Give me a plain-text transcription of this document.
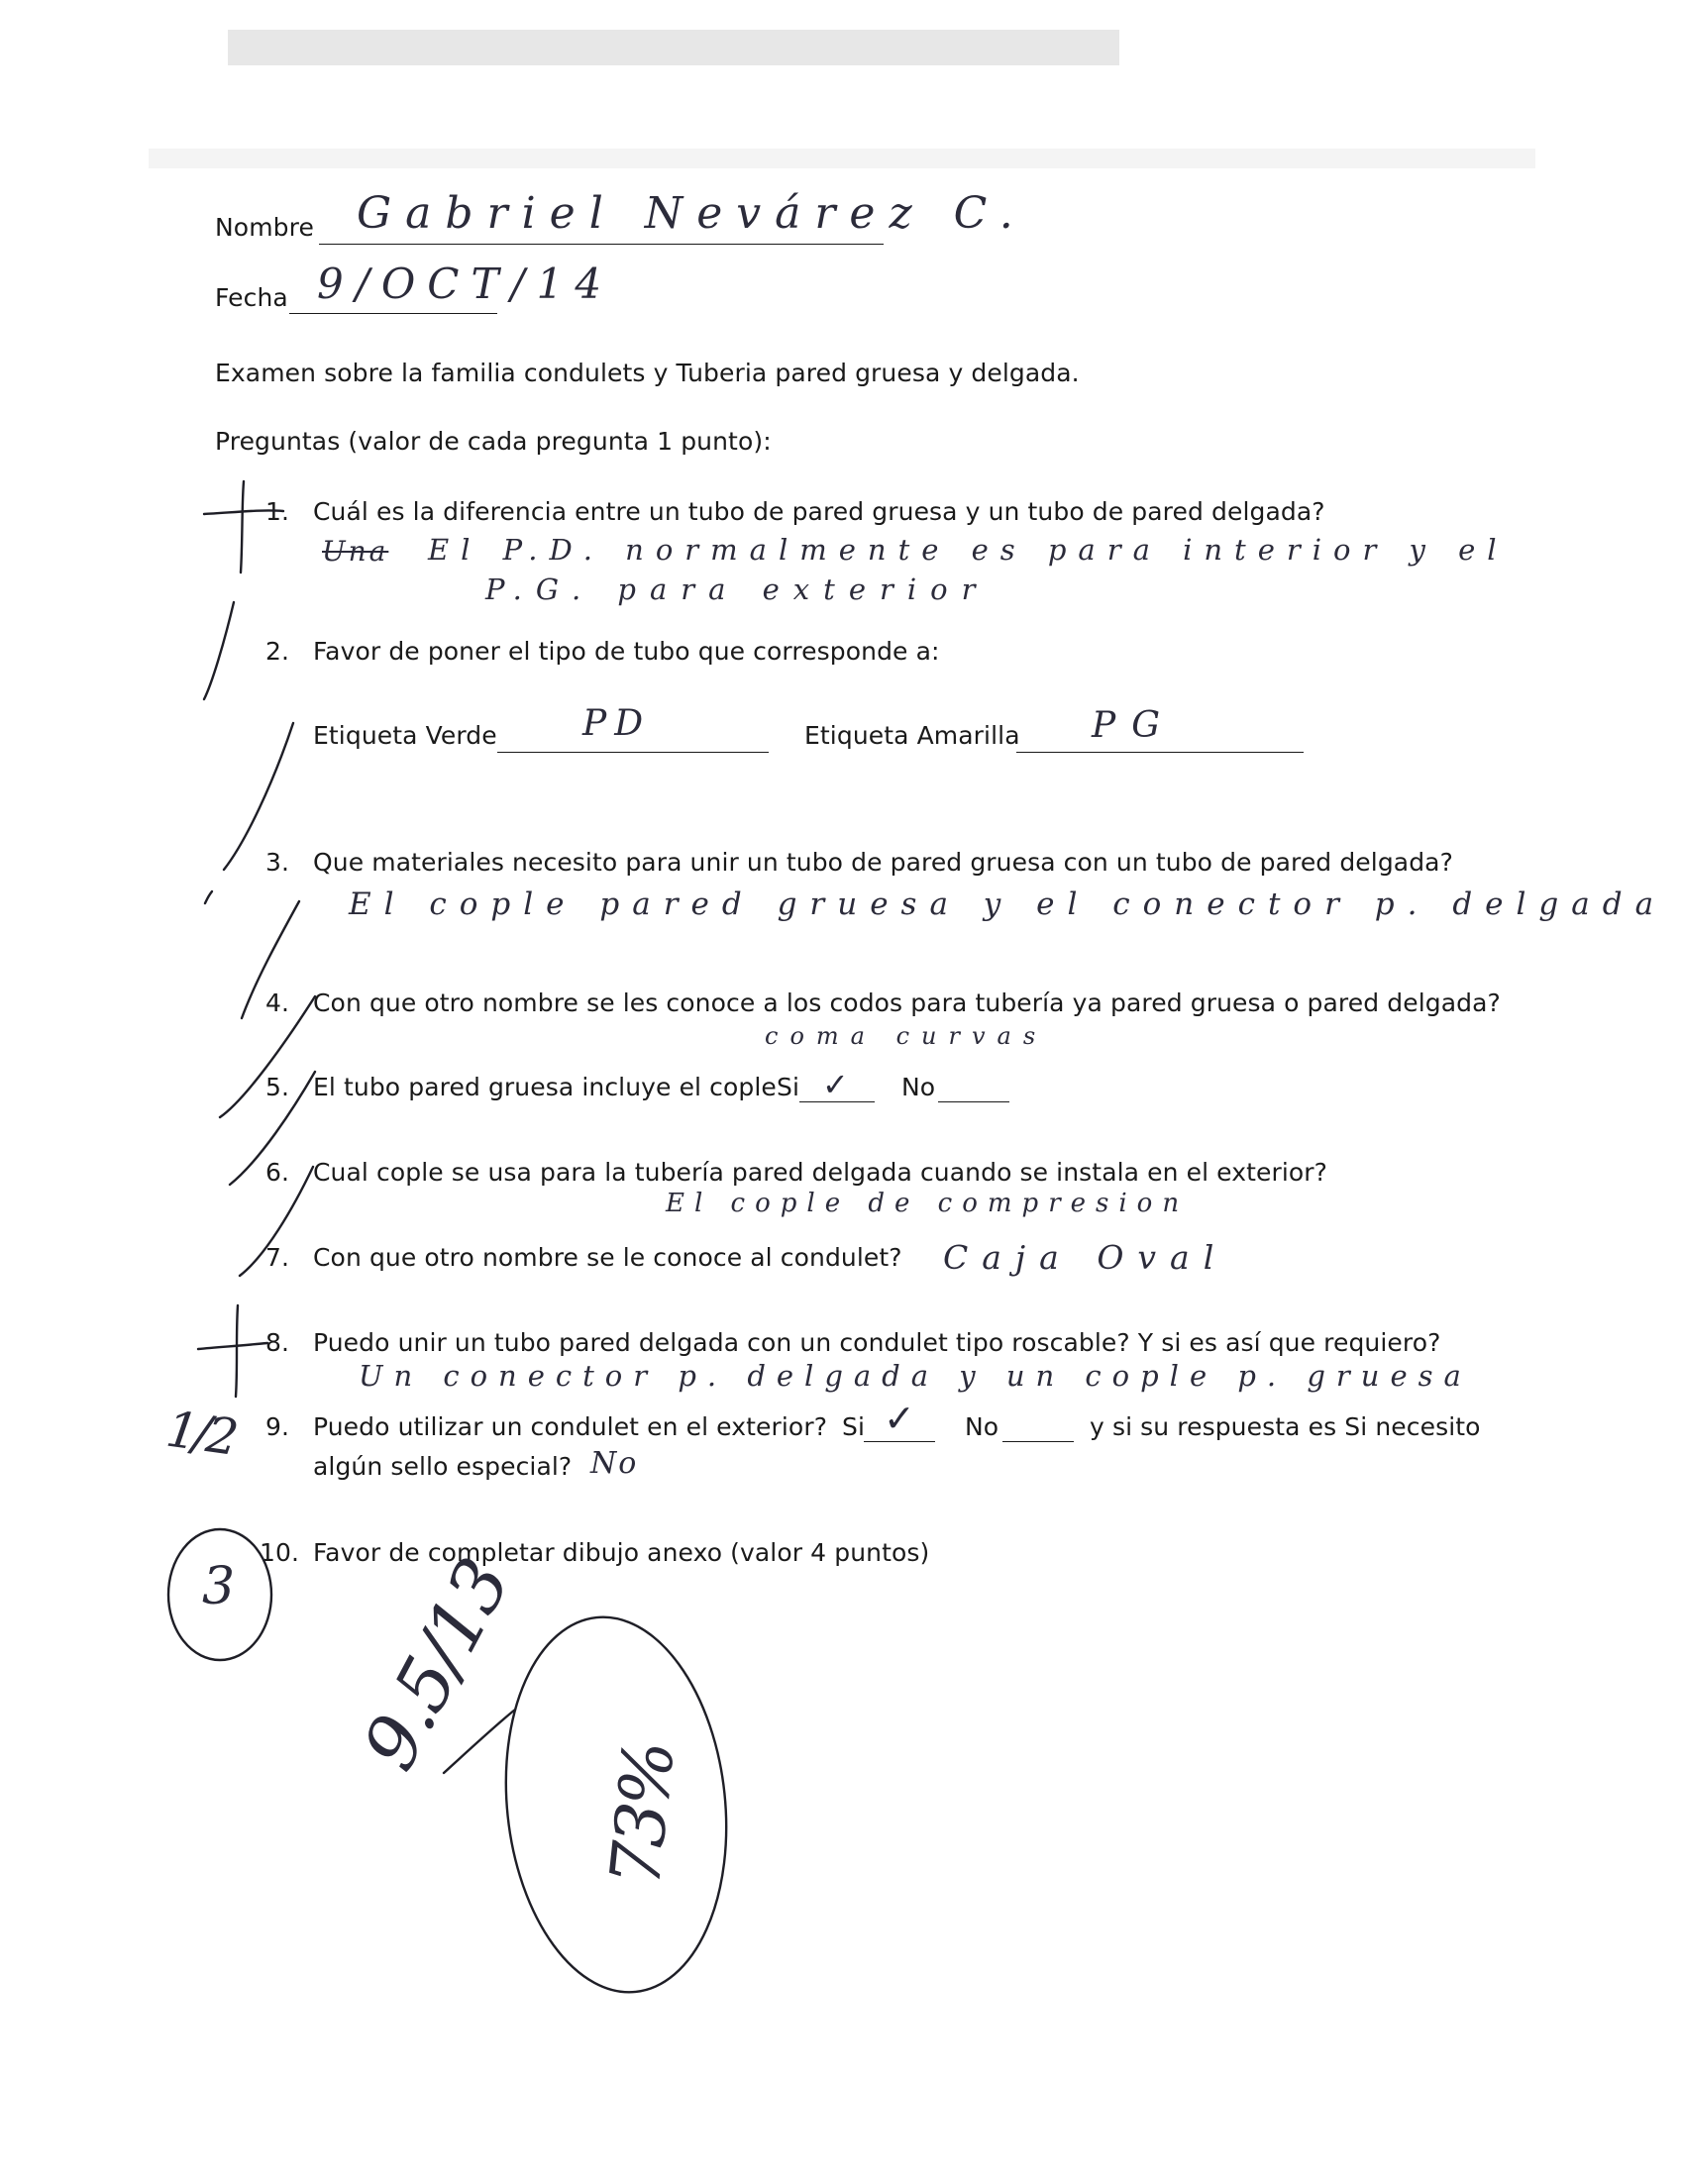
Nombre Gabriel Nevárez C.
Fecha 9/OCT/14
Examen sobre la familia condulets y Tuberia pared gruesa y delgada.
Preguntas (valor de cada pregunta 1 punto):
1. Cuál es la diferencia entre un tubo de pared gruesa y un tubo de pared delgada?
Una El P.D. normalmente es para interior y el
P.G. para exterior
2. Favor de poner el tipo de tubo que corresponde a:
Etiqueta Verde PD	Etiqueta Amarilla PG
3. Que materiales necesito para unir un tubo de pared gruesa con un tubo de pared delgada?
El cople pared gruesa y el conector p. delgada
4. Con que otro nombre se les conoce a los codos para tubería ya pared gruesa o pared delgada?
coma curvas
5. El tubo pared gruesa incluye el cople Si ✓ No
6. Cual cople se usa para la tubería pared delgada cuando se instala en el exterior?
El cople de compresion
7. Con que otro nombre se le conoce al condulet? Caja Oval
8. Puedo unir un tubo pared delgada con un condulet tipo roscable? Y si es así que requiero?
Un conector p. delgada y un cople p. gruesa
9. Puedo utilizar un condulet en el exterior? Si ✓ No	y si su respuesta es Si necesito
algún sello especial? No
10. Favor de completar dibujo anexo (valor 4 puntos)
1/2
3 9.5/13
73%
